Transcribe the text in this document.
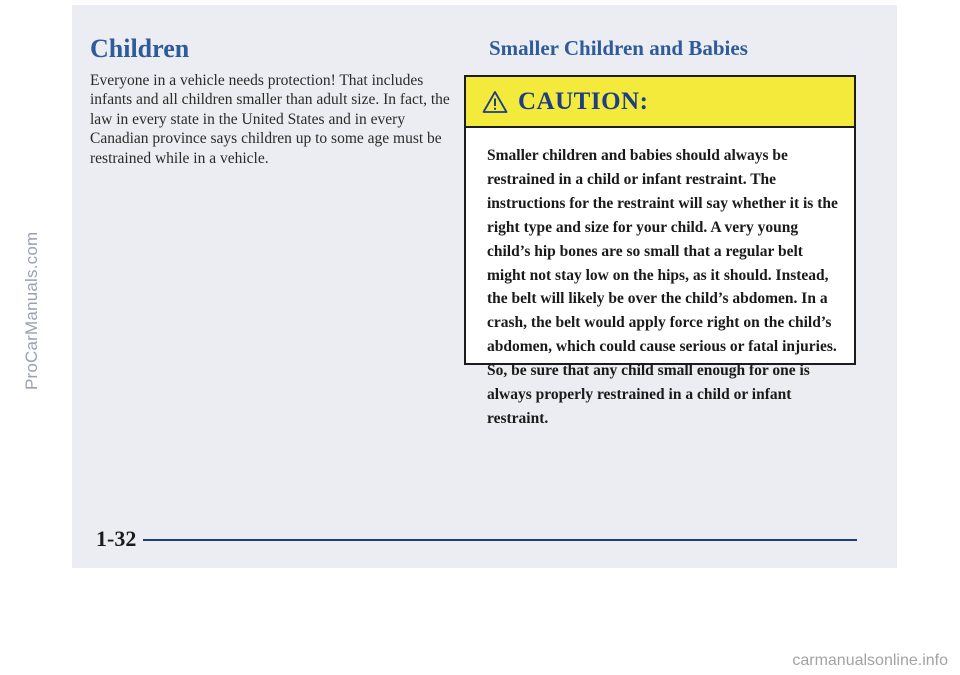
ProCarManuals.com
Children

Everyone in a vehicle needs protection! That includes infants and all children smaller than adult size. In fact, the law in every state in the United States and in every Canadian province says children up to some age must be restrained while in a vehicle.

Smaller Children and Babies
CAUTION:

Smaller children and babies should always be restrained in a child or infant restraint. The instructions for the restraint will say whether it is the right type and size for your child. A very young child’s hip bones are so small that a regular belt might not stay low on the hips, as it should. Instead, the belt will likely be over the child’s abdomen. In a crash, the belt would apply force right on the child’s abdomen, which could cause serious or fatal injuries. So, be sure that any child small enough for one is always properly restrained in a child or infant restraint.

1-32
carmanualsonline.info
